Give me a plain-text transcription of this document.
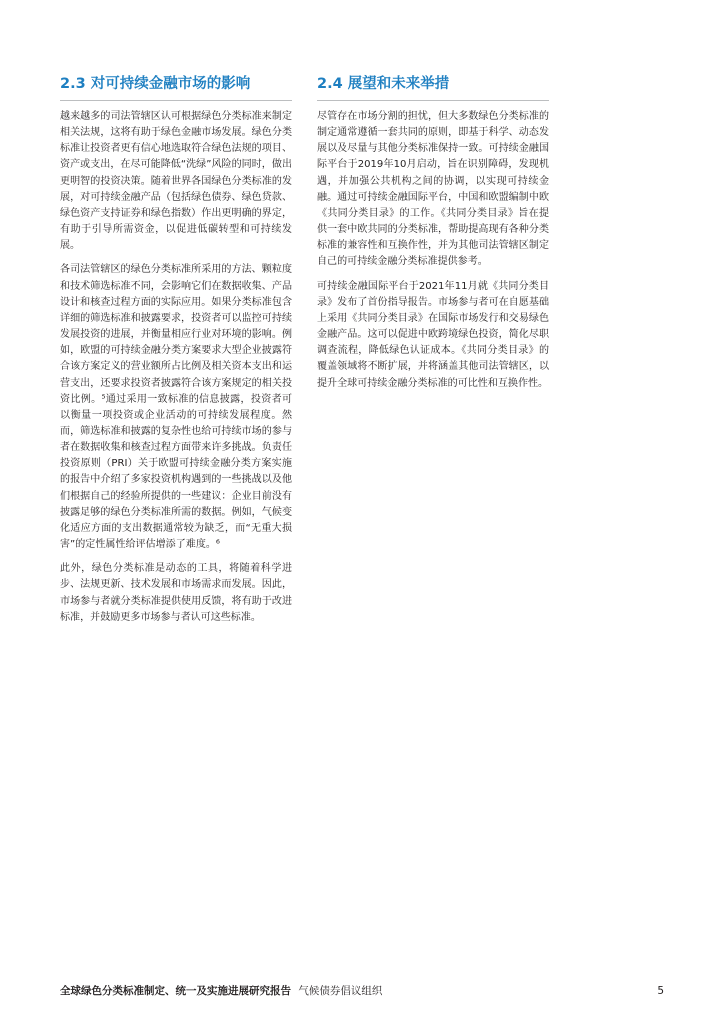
2.3 对可持续金融市场的影响

越来越多的司法管辖区认可根据绿色分类标准来制定相关法规，这将有助于绿色金融市场发展。绿色分类标准让投资者更有信心地选取符合绿色法规的项目、资产或支出，在尽可能降低“洗绿”风险的同时，做出更明智的投资决策。随着世界各国绿色分类标准的发展，对可持续金融产品（包括绿色债券、绿色贷款、绿色资产支持证券和绿色指数）作出更明确的界定，有助于引导所需资金，以促进低碳转型和可持续发展。

各司法管辖区的绿色分类标准所采用的方法、颗粒度和技术筛选标准不同，会影响它们在数据收集、产品设计和核查过程方面的实际应用。如果分类标准包含详细的筛选标准和披露要求，投资者可以监控可持续发展投资的进展，并衡量相应行业对环境的影响。例如，欧盟的可持续金融分类方案要求大型企业披露符合该方案定义的营业额所占比例及相关资本支出和运营支出，还要求投资者披露符合该方案规定的相关投资比例。⁵通过采用一致标准的信息披露，投资者可以衡量一项投资或企业活动的可持续发展程度。然而，筛选标准和披露的复杂性也给可持续市场的参与者在数据收集和核查过程方面带来许多挑战。负责任投资原则（PRI）关于欧盟可持续金融分类方案实施的报告中介绍了多家投资机构遇到的一些挑战以及他们根据自己的经验所提供的一些建议：企业目前没有披露足够的绿色分类标准所需的数据。例如，气候变化适应方面的支出数据通常较为缺乏，而“无重大损害”的定性属性给评估增添了难度。⁶

此外，绿色分类标准是动态的工具，将随着科学进步、法规更新、技术发展和市场需求而发展。因此，市场参与者就分类标准提供使用反馈，将有助于改进标准，并鼓励更多市场参与者认可这些标准。

2.4 展望和未来举措

尽管存在市场分割的担忧，但大多数绿色分类标准的制定通常遵循一套共同的原则，即基于科学、动态发展以及尽量与其他分类标准保持一致。可持续金融国际平台于2019年10月启动，旨在识别障碍，发现机遇，并加强公共机构之间的协调，以实现可持续金融。通过可持续金融国际平台，中国和欧盟编制中欧《共同分类目录》的工作。《共同分类目录》旨在提供一套中欧共同的分类标准，帮助提高现有各种分类标准的兼容性和互换作性，并为其他司法管辖区制定自己的可持续金融分类标准提供参考。

可持续金融国际平台于2021年11月就《共同分类目录》发布了首份指导报告。市场参与者可在自愿基础上采用《共同分类目录》在国际市场发行和交易绿色金融产品。这可以促进中欧跨境绿色投资，简化尽职调查流程，降低绿色认证成本。《共同分类目录》的覆盖领域将不断扩展，并将涵盖其他司法管辖区，以提升全球可持续金融分类标准的可比性和互换作性。

全球绿色分类标准制定、统一及实施进展研究报告 气候债券倡议组织	5
